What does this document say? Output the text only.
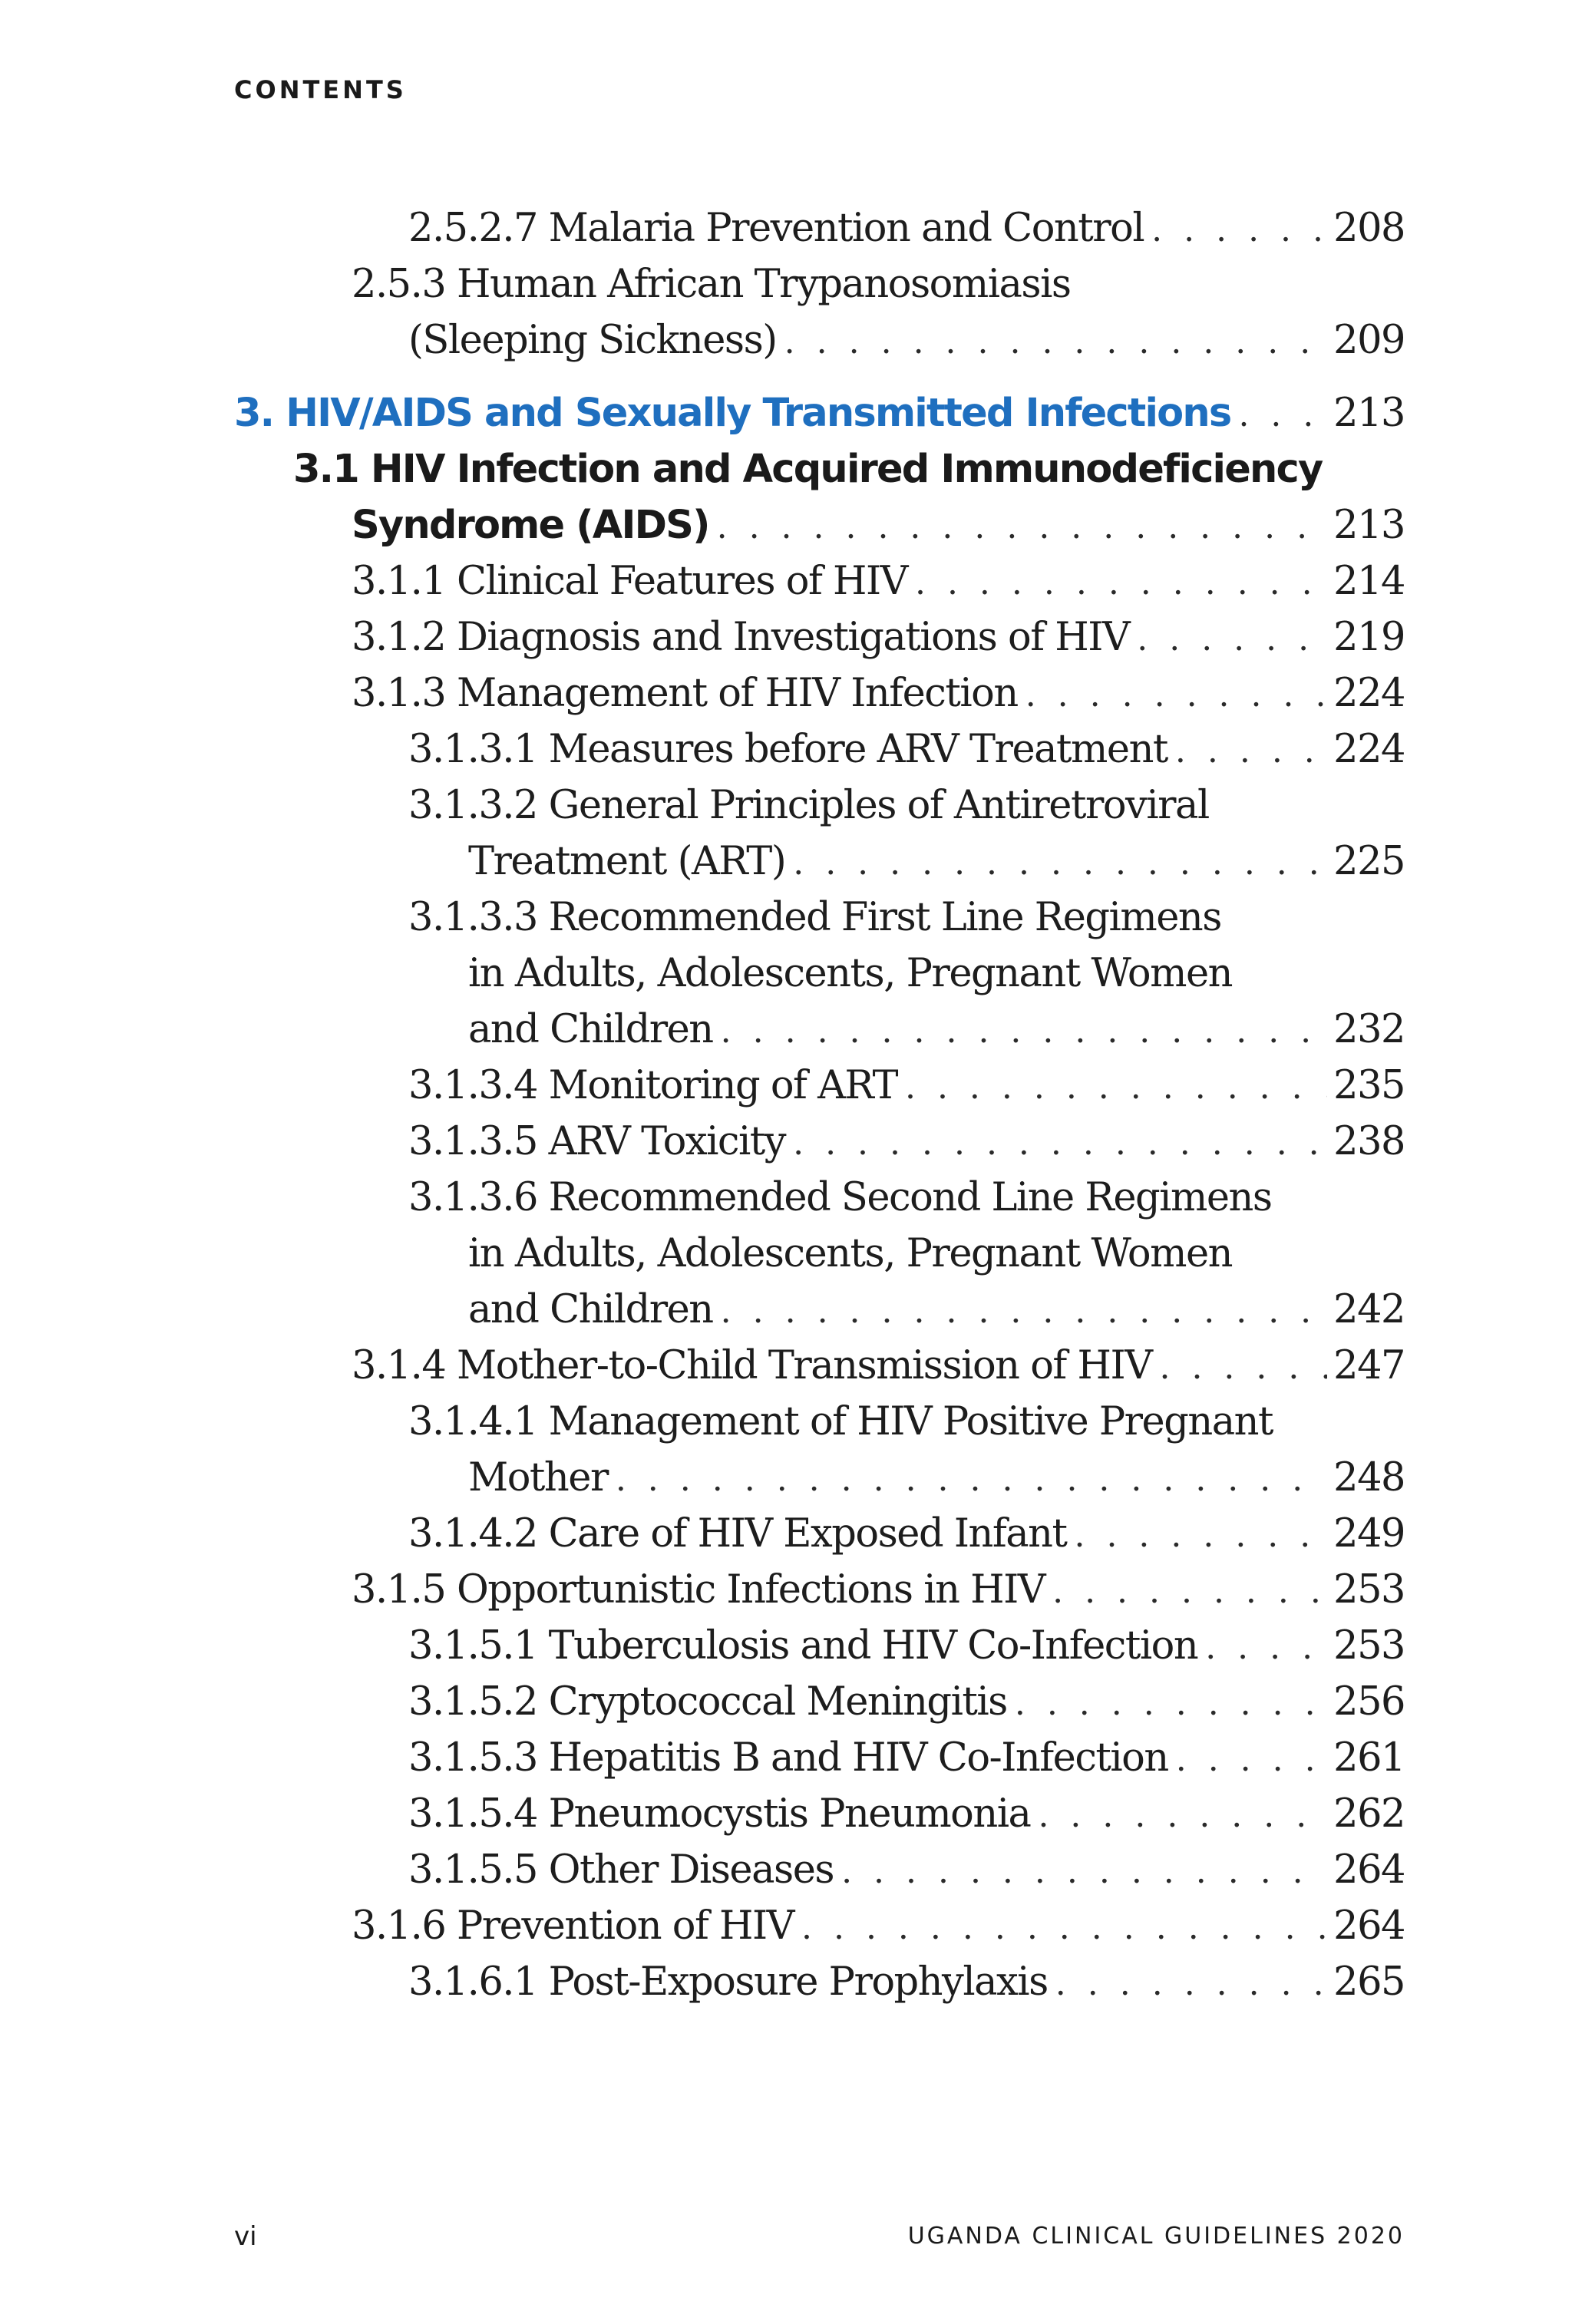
CONTENTS
2.5.2.7 Malaria Prevention and Control . . .	208
2.5.3 Human African Trypanosomiasis
(Sleeping Sickness) . . .	209
3. HIV/AIDS and Sexually Transmitted Infections . . .	213
3.1 HIV Infection and Acquired Immunodeficiency
Syndrome (AIDS) . . .	213
3.1.1 Clinical Features of HIV . . .	214
3.1.2 Diagnosis and Investigations of HIV . . .	219
3.1.3 Management of HIV Infection . . .	224
3.1.3.1 Measures before ARV Treatment . . .	224
3.1.3.2 General Principles of Antiretroviral
Treatment (ART) . . .	225
3.1.3.3 Recommended First Line Regimens
in Adults, Adolescents, Pregnant Women
and Children . . .	232
3.1.3.4 Monitoring of ART . . .	235
3.1.3.5 ARV Toxicity . . .	238
3.1.3.6 Recommended Second Line Regimens
in Adults, Adolescents, Pregnant Women
and Children . . .	242
3.1.4 Mother-to-Child Transmission of HIV . . .	247
3.1.4.1 Management of HIV Positive Pregnant
Mother . . .	248
3.1.4.2 Care of HIV Exposed Infant . . .	249
3.1.5 Opportunistic Infections in HIV . . .	253
3.1.5.1 Tuberculosis and HIV Co-Infection . . .	253
3.1.5.2 Cryptococcal Meningitis . . .	256
3.1.5.3 Hepatitis B and HIV Co-Infection . . .	261
3.1.5.4 Pneumocystis Pneumonia . . .	262
3.1.5.5 Other Diseases . . .	264
3.1.6 Prevention of HIV . . .	264
3.1.6.1 Post-Exposure Prophylaxis . . .	265
vi	UGANDA CLINICAL GUIDELINES 2020
